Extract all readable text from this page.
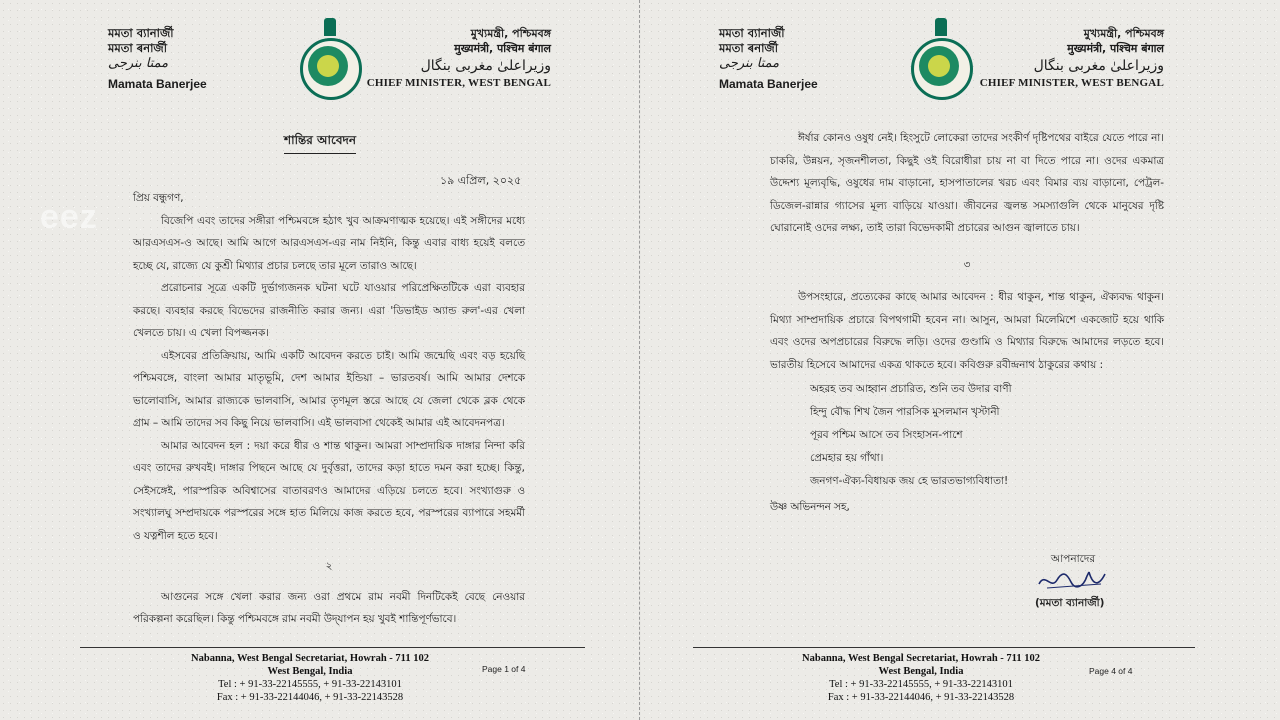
eez
মমতা ব্যানার্জী
মমতা ৰনার্জী
ممتا بنرجی
Mamata Banerjee
মুখ্যমন্ত্রী, পশ্চিমবঙ্গ
मुख्यमंत्री, पश्चिम बंगाल
وزیراعلیٰ مغربی بنگال
CHIEF MINISTER, WEST BENGAL
শান্তির আবেদন
১৯ এপ্রিল, ২০২৫

প্রিয় বন্ধুগণ,

বিজেপি এবং তাদের সঙ্গীরা পশ্চিমবঙ্গে হঠাৎ খুব আক্রমণাত্মক হয়েছে। এই সঙ্গীদের মধ্যে আরএসএস-ও আছে। আমি আগে আরএসএস-এর নাম নিইনি, কিন্তু এবার বাধ্য হয়েই বলতে হচ্ছে যে, রাজ্যে যে কুশ্রী মিথ্যার প্রচার চলছে তার মূলে তারাও আছে।

প্ররোচনার সূত্রে একটি দুর্ভাগ্যজনক ঘটনা ঘটে যাওয়ার পরিপ্রেক্ষিতটিকে এরা ব্যবহার করছে। ব্যবহার করছে বিভেদের রাজনীতি করার জন্য। এরা 'ডিভাইড অ্যান্ড রুল'-এর খেলা খেলতে চায়। এ খেলা বিপজ্জনক।

এইসবের প্রতিক্রিয়ায়, আমি একটি আবেদন করতে চাই। আমি জন্মেছি এবং বড় হয়েছি পশ্চিমবঙ্গে, বাংলা আমার মাতৃভূমি, দেশ আমার ইন্ডিয়া – ভারতবর্ষ। আমি আমার দেশকে ভালোবাসি, আমার রাজ্যকে ভালবাসি, আমার তৃণমূল স্তরে আছে যে জেলা থেকে ব্লক থেকে গ্রাম – আমি তাদের সব কিছু নিয়ে ভালবাসি। এই ভালবাসা থেকেই আমার এই আবেদনপত্র।

আমার আবেদন হল : দয়া করে ধীর ও শান্ত থাকুন। আমরা সাম্প্রদায়িক দাঙ্গার নিন্দা করি এবং তাদের রুখবই। দাঙ্গার পিছনে আছে যে দুর্বৃত্তরা, তাদের কড়া হাতে দমন করা হচ্ছে। কিন্তু, সেইসঙ্গেই, পারস্পরিক অবিশ্বাসের বাতাবরণও আমাদের এড়িয়ে চলতে হবে। সংখ্যাগুরু ও সংখ্যালঘু সম্প্রদায়কে পরস্পরের সঙ্গে হাত মিলিয়ে কাজ করতে হবে, পরস্পরের ব্যাপারে সহমর্মী ও যত্নশীল হতে হবে।

২

আগুনের সঙ্গে খেলা করার জন্য ওরা প্রথমে রাম নবমী দিনটিকেই বেছে নেওয়ার পরিকল্পনা করেছিল। কিন্তু পশ্চিমবঙ্গে রাম নবমী উদ্‌যাপন হয় খুবই শান্তিপূর্ণভাবে।

Nabanna, West Bengal Secretariat, Howrah - 711 102
West Bengal, India
Tel : + 91-33-22145555, + 91-33-22143101
Fax : + 91-33-22144046, + 91-33-22143528
Page 1 of 4
মমতা ব্যানার্জী
মমতা ৰনার্জী
ممتا بنرجی
Mamata Banerjee
মুখ্যমন্ত্রী, পশ্চিমবঙ্গ
मुख्यमंत्री, पश्चिम बंगाल
وزیراعلیٰ مغربی بنگال
CHIEF MINISTER, WEST BENGAL

ঈর্ষার কোনও ওষুধ নেই। হিংসুটে লোকেরা তাদের সংকীর্ণ দৃষ্টিপথের বাইরে যেতে পারে না। চাকরি, উন্নয়ন, সৃজনশীলতা, কিছুই ওই বিরোধীরা চায় না বা দিতে পারে না। ওদের একমাত্র উদ্দেশ্য মূল্যবৃদ্ধি, ওষুধের দাম বাড়ানো, হাসপাতালের খরচ এবং বিমার ব্যয় বাড়ানো, পেট্রল-ডিজেল-রান্নার গ্যাসের মূল্য বাড়িয়ে যাওয়া। জীবনের জ্বলন্ত সমস্যাগুলি থেকে মানুষের দৃষ্টি ঘোরানোই ওদের লক্ষ্য, তাই তারা বিভেদকামী প্রচারের আগুন জ্বালাতে চায়।

৩

উপসংহারে, প্রত্যেকের কাছে আমার আবেদন : ধীর থাকুন, শান্ত থাকুন, ঐক্যবদ্ধ থাকুন। মিথ্যা সাম্প্রদায়িক প্রচারে বিপথগামী হবেন না। আসুন, আমরা মিলেমিশে একজোট হয়ে থাকি এবং ওদের অপপ্রচারের বিরুদ্ধে লড়ি। ওদের গুণ্ডামি ও মিথ্যার বিরুদ্ধে আমাদের লড়তে হবে। ভারতীয় হিসেবে আমাদের একত্র থাকতে হবে। কবিগুরু রবীন্দ্রনাথ ঠাকুরের কথায় :

অহরহ তব আহ্বান প্রচারিত, শুনি তব উদার বাণী
হিন্দু বৌদ্ধ শিখ জৈন পারসিক মুসলমান খৃস্টানী
পূরব পশ্চিম আসে তব সিংহাসন-পাশে
প্রেমহার হয় গাঁথা।
জনগণ-ঐক্য-বিধায়ক জয় হে ভারতভাগ্যবিধাতা!

উষ্ণ অভিনন্দন সহ,

আপনাদের
(মমতা ব্যানার্জী)
Nabanna, West Bengal Secretariat, Howrah - 711 102
West Bengal, India
Tel : + 91-33-22145555, + 91-33-22143101
Fax : + 91-33-22144046, + 91-33-22143528
Page 4 of 4
